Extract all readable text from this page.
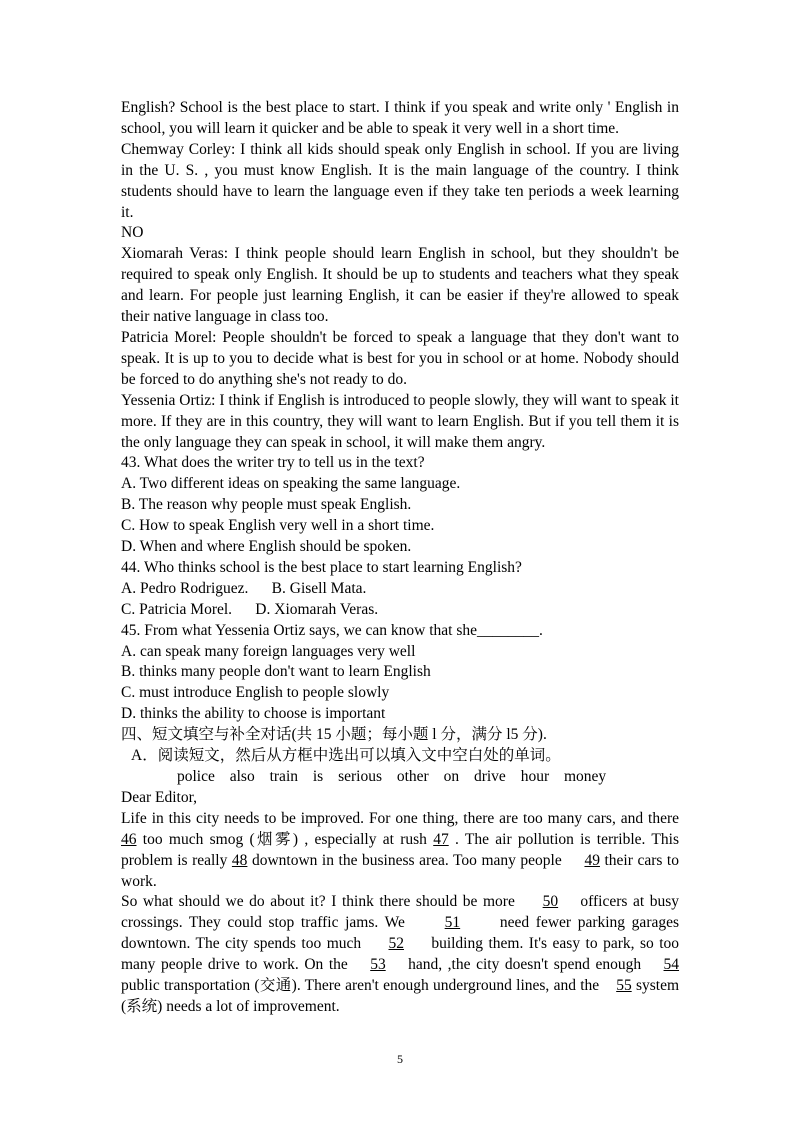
English? School is the best place to start. I think if you speak and write only ' English in school, you will learn it quicker and be able to speak it very well in a short time.

Chemway Corley: I think all kids should speak only English in school. If you are living in the U. S. , you must know English. It is the main language of the country. I think students should have to learn the language even if they take ten periods a week learning it.

NO

Xiomarah Veras: I think people should learn English in school, but they shouldn't be required to speak only English. It should be up to students and teachers what they speak and learn. For people just learning English, it can be easier if they're allowed to speak their native language in class too.

Patricia Morel: People shouldn't be forced to speak a language that they don't want to speak. It is up to you to decide what is best for you in school or at home. Nobody should be forced to do anything she's not ready to do.

Yessenia Ortiz: I think if English is introduced to people slowly, they will want to speak it more. If they are in this country, they will want to learn English. But if you tell them it is the only language they can speak in school, it will make them angry.

43. What does the writer try to tell us in the text?

A. Two different ideas on speaking the same language.

B. The reason why people must speak English.

C. How to speak English very well in a short time.

D. When and where English should be spoken.

44. Who thinks school is the best place to start learning English?

A. Pedro Rodriguez.      B. Gisell Mata.

C. Patricia Morel.      D. Xiomarah Veras.

45. From what Yessenia Ortiz says, we can know that she________.

A. can speak many foreign languages very well

B. thinks many people don't want to learn English

C. must introduce English to people slowly

D. thinks the ability to choose is important

四、短文填空与补全对话(共 15 小题；每小题 l 分，满分 l5 分).

A．阅读短文，然后从方框中选出可以填入文中空白处的单词。

police also train is serious other on drive hour money

Dear Editor,

Life in this city needs to be improved. For one thing, there are too many cars, and there 46 too much smog (烟雾) , especially at rush 47 . The air pollution is terrible. This problem is really 48 downtown in the business area. Too many people     49 their cars to work.

So what should we do about it? I think there should be more     50    officers at busy crossings. They could stop traffic jams. We      51      need fewer parking garages downtown. The city spends too much     52     building them. It's easy to park, so too many people drive to work. On the    53    hand, ,the city doesn't spend enough    54 public transportation (交通). There aren't enough underground lines, and the    55 system (系统) needs a lot of improvement.

5
